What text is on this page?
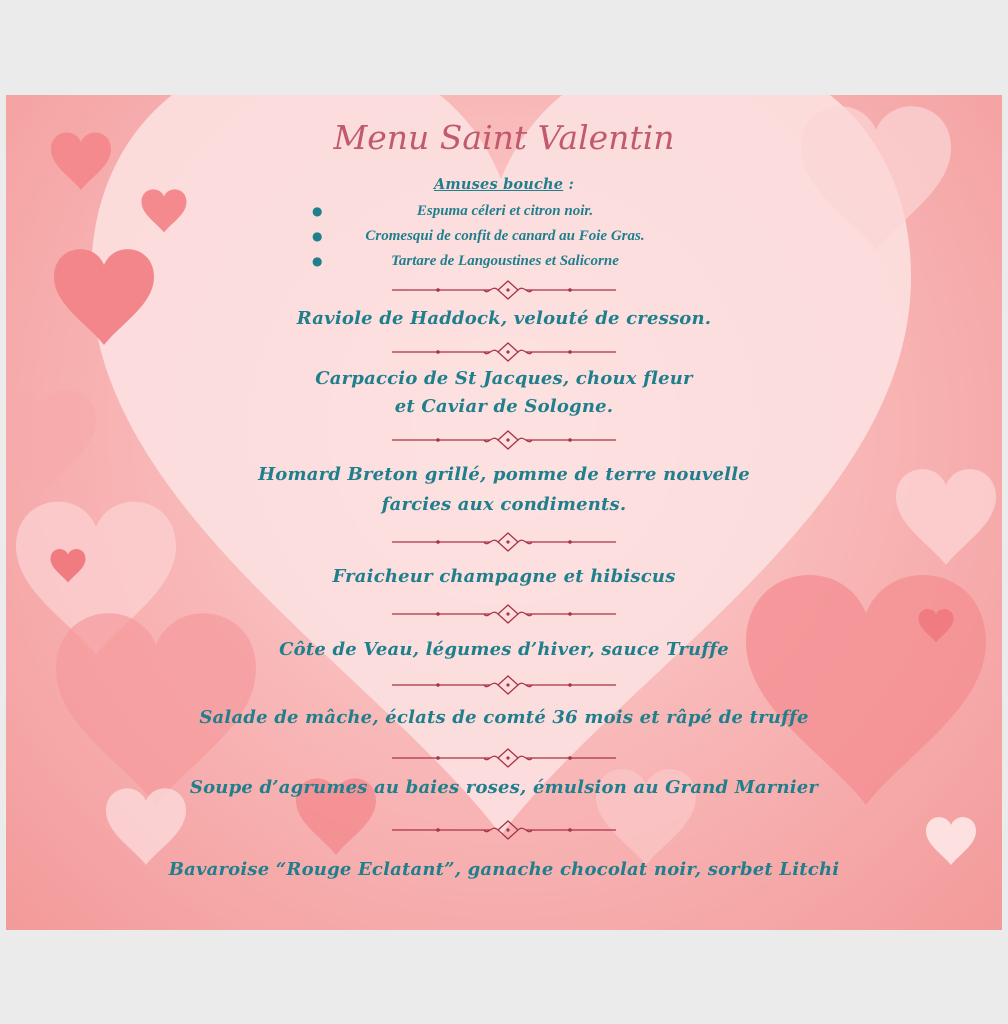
Menu Saint Valentin
Amuses bouche :
●	Espuma céleri et citron noir.
●	Cromesqui de confit de canard au Foie Gras.
●	Tartare de Langoustines et Salicorne
Raviole de Haddock, velouté de cresson.
Carpaccio de St Jacques, choux fleur
et Caviar de Sologne.
Homard Breton grillé, pomme de terre nouvelle
farcies aux condiments.
Fraicheur champagne et hibiscus
Côte de Veau, légumes d’hiver, sauce Truffe
Salade de mâche, éclats de comté 36 mois et râpé de truffe
Soupe d’agrumes au baies roses, émulsion au Grand Marnier
Bavaroise “Rouge Eclatant”, ganache chocolat noir, sorbet Litchi
